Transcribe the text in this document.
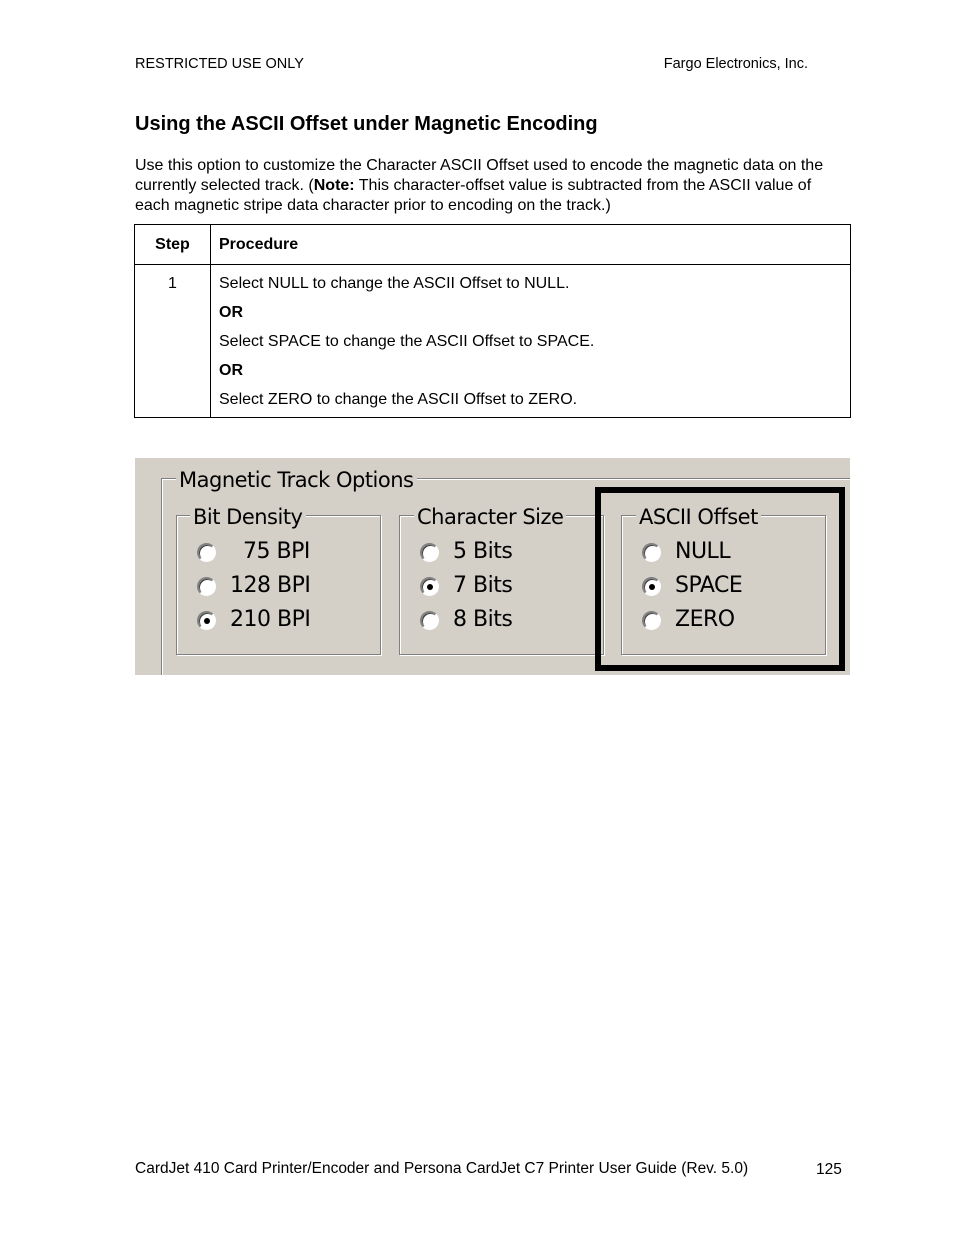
RESTRICTED USE ONLY	Fargo Electronics, Inc.
Using the ASCII Offset under Magnetic Encoding
Use this option to customize the Character ASCII Offset used to encode the magnetic data on the currently selected track. (Note: This character-offset value is subtracted from the ASCII value of each magnetic stripe data character prior to encoding on the track.)
Step	Procedure
1	Select NULL to change the ASCII Offset to NULL.
OR
Select SPACE to change the ASCII Offset to SPACE.
OR
Select ZERO to change the ASCII Offset to ZERO.
Magnetic Track Options
Bit Density
75 BPI
128 BPI
210 BPI
Character Size
5 Bits
7 Bits
8 Bits
ASCII Offset
NULL
SPACE
ZERO
CardJet 410 Card Printer/Encoder and Persona CardJet C7 Printer User Guide (Rev. 5.0)	125
